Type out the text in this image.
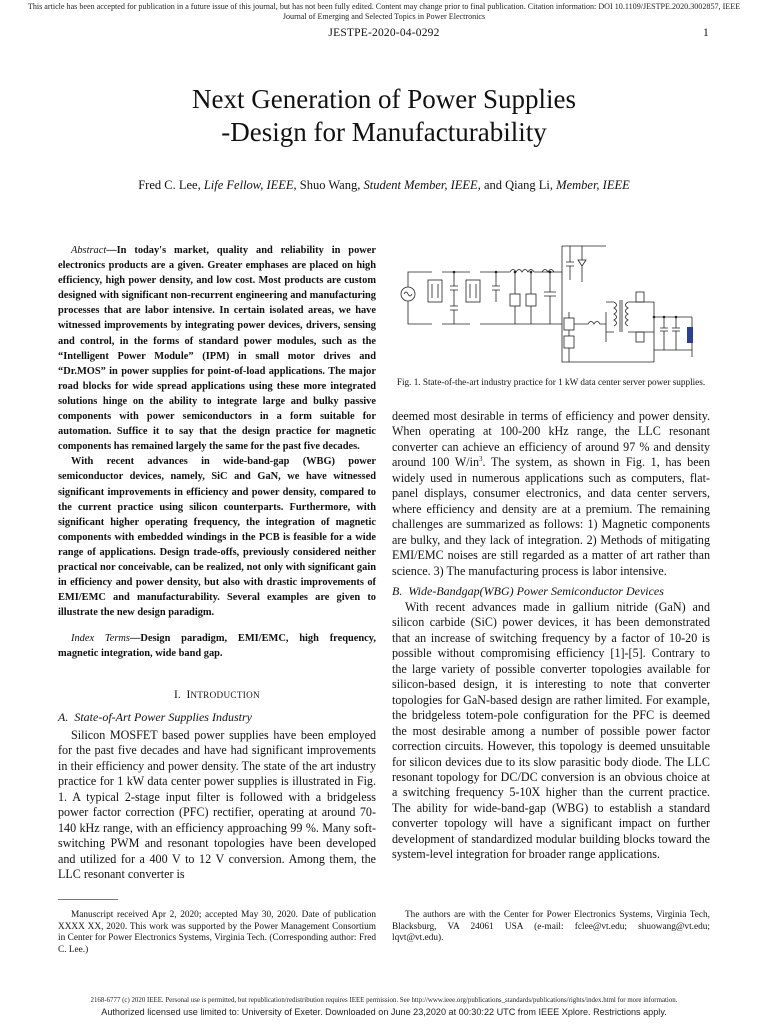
This article has been accepted for publication in a future issue of this journal, but has not been fully edited. Content may change prior to final publication. Citation information: DOI 10.1109/JESTPE.2020.3002857, IEEE Journal of Emerging and Selected Topics in Power Electronics
JESTPE-2020-04-0292	1
Next Generation of Power Supplies
-Design for Manufacturability
Fred C. Lee, Life Fellow, IEEE, Shuo Wang, Student Member, IEEE, and Qiang Li, Member, IEEE

Abstract—In today's market, quality and reliability in power electronics products are a given. Greater emphases are placed on high efficiency, high power density, and low cost. Most products are custom designed with significant non-recurrent engineering and manufacturing processes that are labor intensive. In certain isolated areas, we have witnessed improvements by integrating power devices, drivers, sensing and control, in the forms of standard power modules, such as the “Intelligent Power Module” (IPM) in small motor drives and “Dr.MOS” in power supplies for point-of-load applications. The major road blocks for wide spread applications using these more integrated solutions hinge on the ability to integrate large and bulky passive components with power semiconductors in a form suitable for automation. Suffice it to say that the design practice for magnetic components has remained largely the same for the past five decades.

With recent advances in wide-band-gap (WBG) power semiconductor devices, namely, SiC and GaN, we have witnessed significant improvements in efficiency and power density, compared to the current practice using silicon counterparts. Furthermore, with significant higher operating frequency, the integration of magnetic components with embedded windings in the PCB is feasible for a wide range of applications. Design trade-offs, previously considered neither practical nor conceivable, can be realized, not only with significant gain in efficiency and power density, but also with drastic improvements of EMI/EMC and manufacturability. Several examples are given to illustrate the new design paradigm.

Index Terms—Design paradigm, EMI/EMC, high frequency, magnetic integration, wide band gap.

I. INTRODUCTION
A.  State-of-Art Power Supplies Industry

Silicon MOSFET based power supplies have been employed for the past five decades and have had significant improvements in their efficiency and power density. The state of the art industry practice for 1 kW data center power supplies is illustrated in Fig. 1. A typical 2-stage input filter is followed with a bridgeless power factor correction (PFC) rectifier, operating at around 70-140 kHz range, with an efficiency approaching 99 %. Many soft-switching PWM and resonant topologies have been developed and utilized for a 400 V to 12 V conversion. Among them, the LLC resonant converter is

Fig. 1. State-of-the-art industry practice for 1 kW data center server power supplies.

deemed most desirable in terms of efficiency and power density. When operating at 100-200 kHz range, the LLC resonant converter can achieve an efficiency of around 97 % and density around 100 $W/in^3$. The system, as shown in Fig. 1, has been widely used in numerous applications such as computers, flat-panel displays, consumer electronics, and data center servers, where efficiency and density are at a premium. The remaining challenges are summarized as follows: 1) Magnetic components are bulky, and they lack of integration. 2) Methods of mitigating EMI/EMC noises are still regarded as a matter of art rather than science. 3) The manufacturing process is labor intensive.

B.  Wide-Bandgap(WBG) Power Semiconductor Devices

With recent advances made in gallium nitride (GaN) and silicon carbide (SiC) power devices, it has been demonstrated that an increase of switching frequency by a factor of 10-20 is possible without compromising efficiency [1]-[5]. Contrary to the large variety of possible converter topologies available for silicon-based design, it is interesting to note that converter topologies for GaN-based design are rather limited. For example, the bridgeless totem-pole configuration for the PFC is deemed the most desirable among a number of possible power factor correction circuits. However, this topology is deemed unsuitable for silicon devices due to its slow parasitic body diode. The LLC resonant topology for DC/DC conversion is an obvious choice at a switching frequency 5-10X higher than the current practice. The ability for wide-band-gap (WBG) to establish a standard converter topology will have a significant impact on further development of standardized modular building blocks toward the system-level integration for broader range applications.

Manuscript received Apr 2, 2020; accepted May 30, 2020. Date of publication XXXX XX, 2020. This work was supported by the Power Management Consortium in Center for Power Electronics Systems, Virginia Tech. (Corresponding author: Fred C. Lee.)

The authors are with the Center for Power Electronics Systems, Virginia Tech, Blacksburg, VA 24061 USA (e-mail: fclee@vt.edu; shuowang@vt.edu; lqvt@vt.edu).

2168-6777 (c) 2020 IEEE. Personal use is permitted, but republication/redistribution requires IEEE permission. See http://www.ieee.org/publications_standards/publications/rights/index.html for more information.
Authorized licensed use limited to: University of Exeter. Downloaded on June 23,2020 at 00:30:22 UTC from IEEE Xplore. Restrictions apply.
